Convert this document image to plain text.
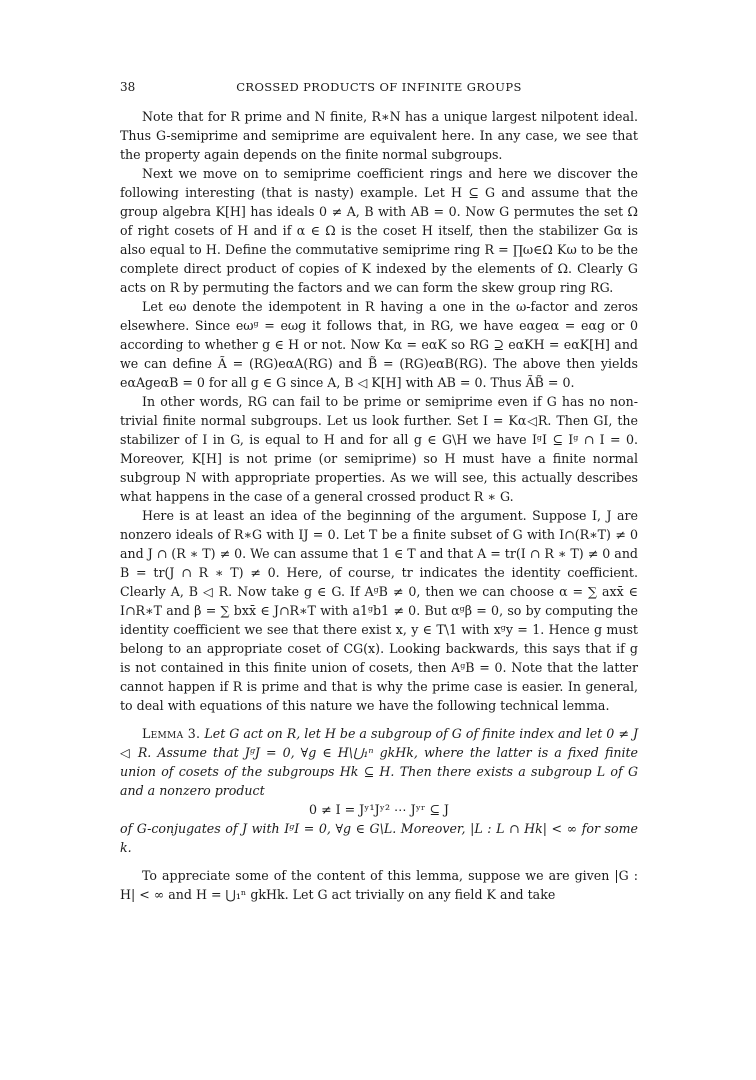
38	CROSSED PRODUCTS OF INFINITE GROUPS

Note that for R prime and N finite, R∗N has a unique largest nilpotent ideal. Thus G-semiprime and semiprime are equivalent here. In any case, we see that the property again depends on the finite normal subgroups.

Next we move on to semiprime coefficient rings and here we discover the following interesting (that is nasty) example. Let H ⊆ G and assume that the group algebra K[H] has ideals 0 ≠ A, B with AB = 0. Now G permutes the set Ω of right cosets of H and if α ∈ Ω is the coset H itself, then the stabilizer Gα is also equal to H. Define the commutative semiprime ring R = ∏ω∈Ω Kω to be the complete direct product of copies of K indexed by the elements of Ω. Clearly G acts on R by permuting the factors and we can form the skew group ring RG.

Let eω denote the idempotent in R having a one in the ω-factor and zeros elsewhere. Since eωᵍ = eωg it follows that, in RG, we have eαgeα = eαg or 0 according to whether g ∈ H or not. Now Kα = eαK so RG ⊇ eαKH = eαK[H] and we can define Ã = (RG)eαA(RG) and B̃ = (RG)eαB(RG). The above then yields eαAgeαB = 0 for all g ∈ G since A, B ◁ K[H] with AB = 0. Thus ÃB̃ = 0.

In other words, RG can fail to be prime or semiprime even if G has no non-trivial finite normal subgroups. Let us look further. Set I = Kα◁R. Then GI, the stabilizer of I in G, is equal to H and for all g ∈ G\H we have IᵍI ⊆ Iᵍ ∩ I = 0. Moreover, K[H] is not prime (or semiprime) so H must have a finite normal subgroup N with appropriate properties. As we will see, this actually describes what happens in the case of a general crossed product R ∗ G.

Here is at least an idea of the beginning of the argument. Suppose I, J are nonzero ideals of R∗G with IJ = 0. Let T be a finite subset of G with I∩(R∗T) ≠ 0 and J ∩ (R ∗ T) ≠ 0. We can assume that 1 ∈ T and that A = tr(I ∩ R ∗ T) ≠ 0 and B = tr(J ∩ R ∗ T) ≠ 0. Here, of course, tr indicates the identity coefficient. Clearly A, B ◁ R. Now take g ∈ G. If AᵍB ≠ 0, then we can choose α = ∑ axx̄ ∈ I∩R∗T and β = ∑ bxx̄ ∈ J∩R∗T with a1ᵍb1 ≠ 0. But αᵍβ = 0, so by computing the identity coefficient we see that there exist x, y ∈ T\1 with xᵍy = 1. Hence g must belong to an appropriate coset of CG(x). Looking backwards, this says that if g is not contained in this finite union of cosets, then AᵍB = 0. Note that the latter cannot happen if R is prime and that is why the prime case is easier. In general, to deal with equations of this nature we have the following technical lemma.

Lemma 3. Let G act on R, let H be a subgroup of G of finite index and let 0 ≠ J ◁ R. Assume that JᵍJ = 0, ∀g ∈ H\⋃₁ⁿ gkHk, where the latter is a fixed finite union of cosets of the subgroups Hk ⊆ H. Then there exists a subgroup L of G and a nonzero product

0 ≠ I = Jʸ¹Jʸ² ⋯ Jʸʳ ⊆ J

of G-conjugates of J with IᵍI = 0, ∀g ∈ G\L. Moreover, |L : L ∩ Hk| < ∞ for some k.

To appreciate some of the content of this lemma, suppose we are given |G : H| < ∞ and H = ⋃₁ⁿ gkHk. Let G act trivially on any field K and take
